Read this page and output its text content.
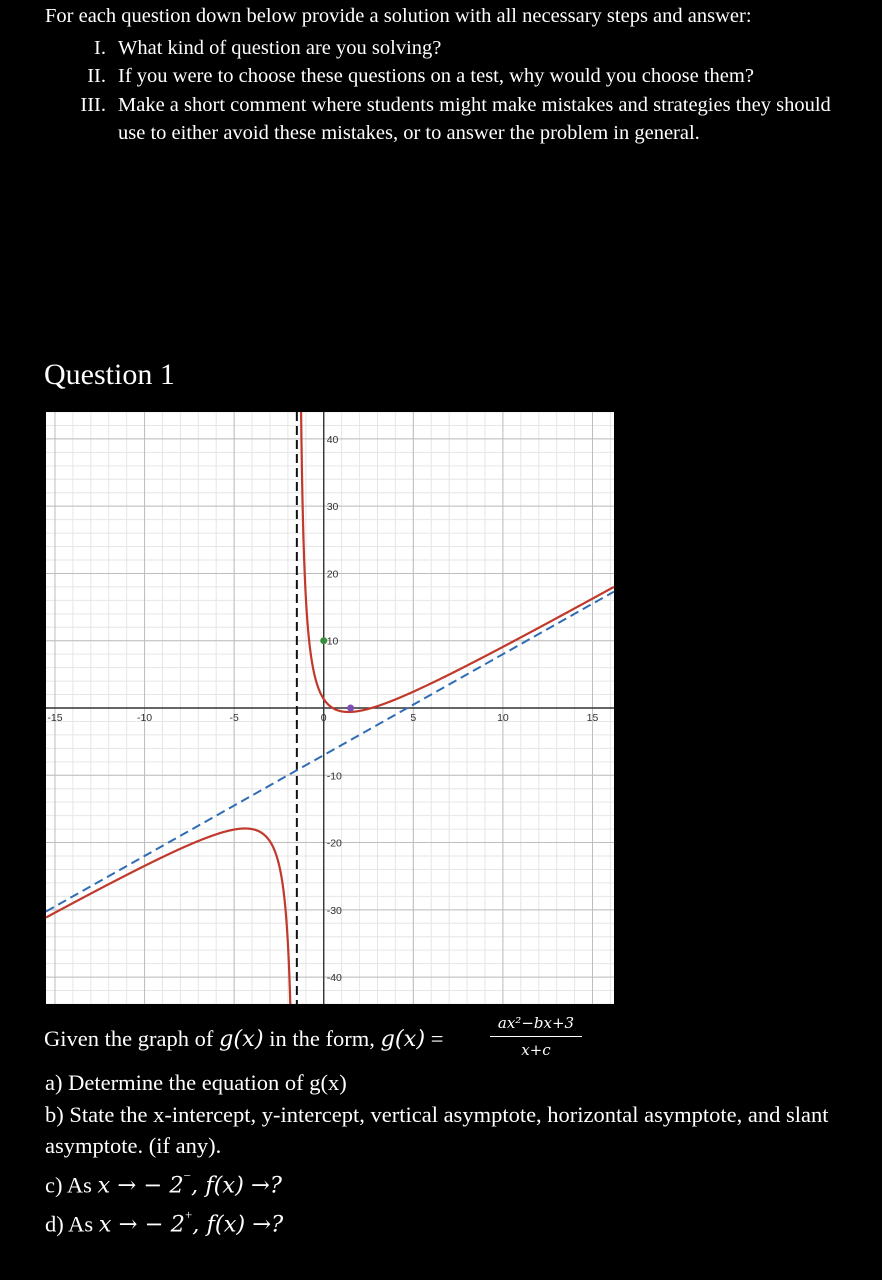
For each question down below provide a solution with all necessary steps and answer:

I. What kind of question are you solving?
II. If you were to choose these questions on a test, why would you choose them?
III. Make a short comment where students might make mistakes and strategies they should use to either avoid these mistakes, or to answer the problem in general.
Question 1
-15	-10	-5	0	5	10	15
40
30
20
10
-10
-20
-30
-40
Given the graph of g(x) in the form, g(x) =
ax²−bx+3
x+c

a) Determine the equation of g(x)

b) State the x-intercept, y-intercept, vertical asymptote, horizontal asymptote, and slant asymptote. (if any).

c) As x → − 2−, f(x) →?
d) As x → − 2+, f(x) →?
